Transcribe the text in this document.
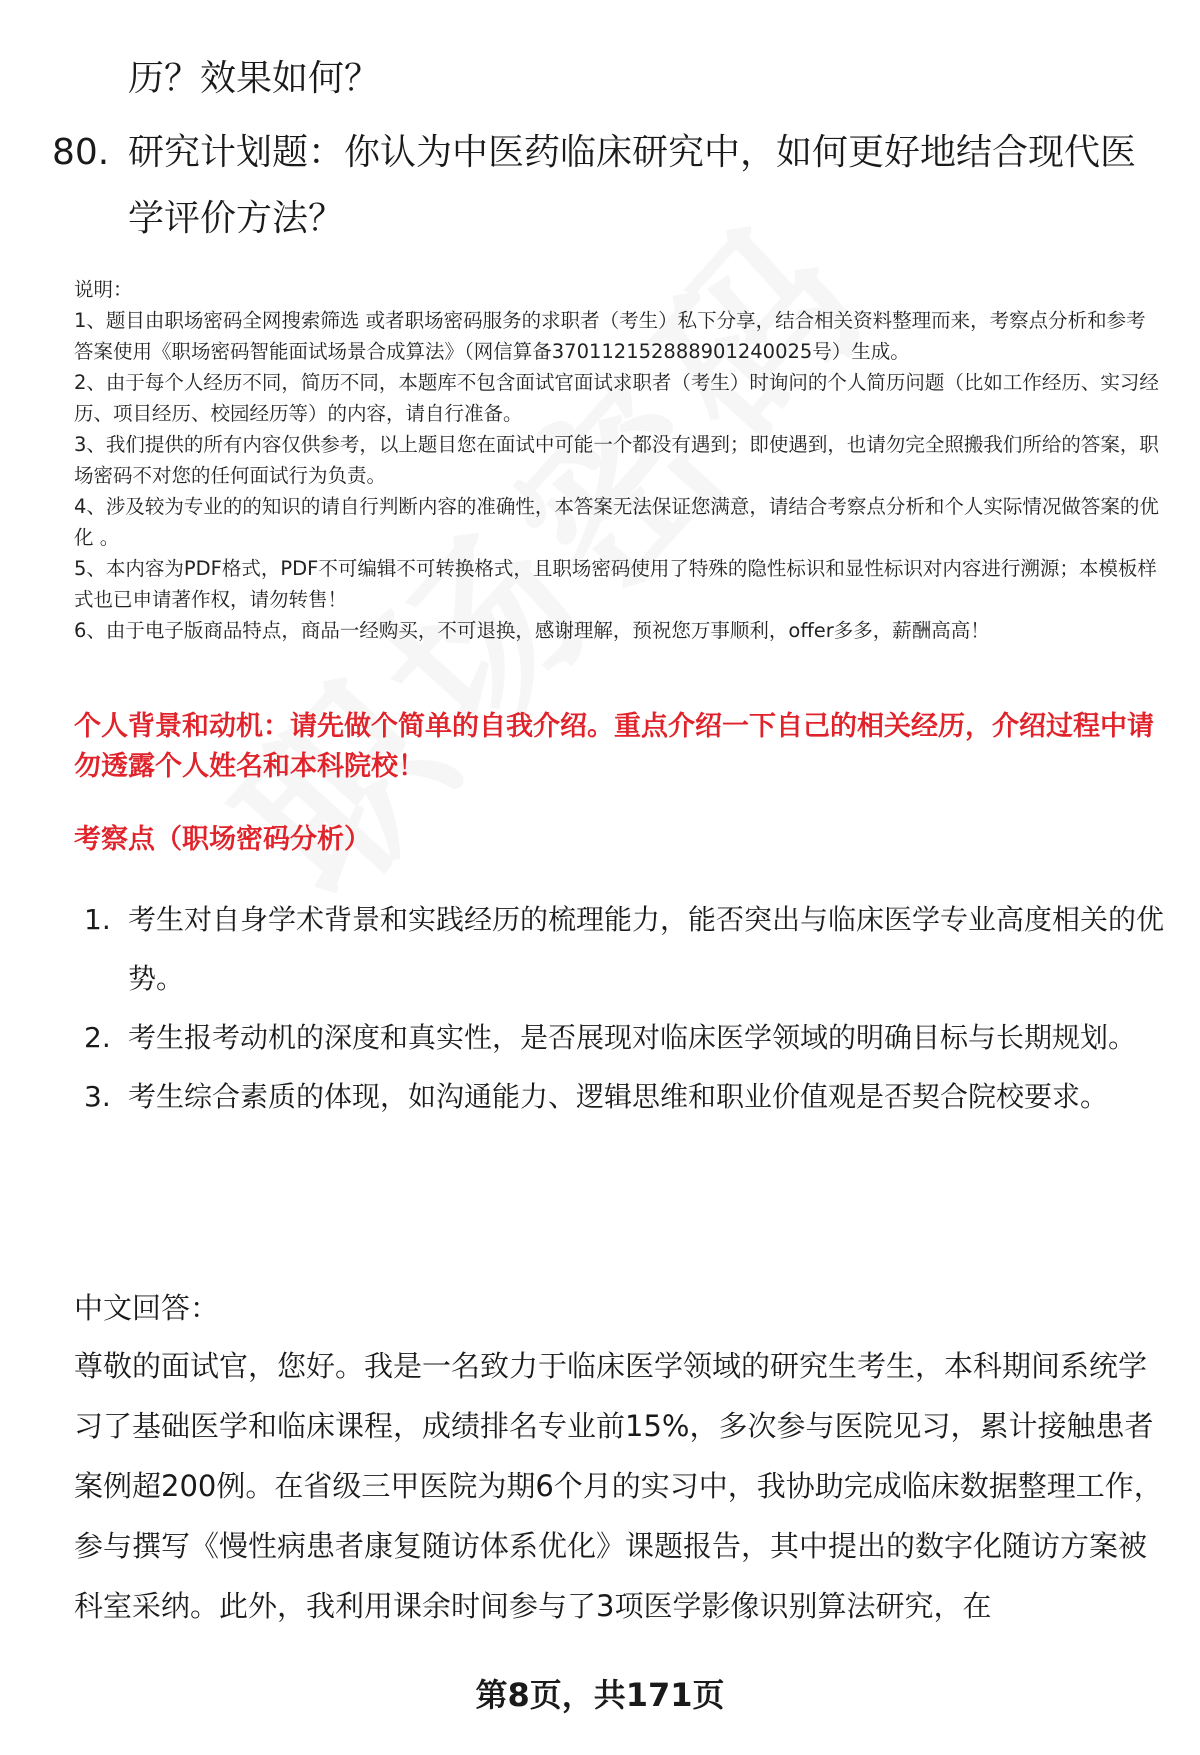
历？效果如何？
80. 研究计划题：你认为中医药临床研究中，如何更好地结合现代医学评价方法？

说明：

1、题目由职场密码全网搜索筛选 或者职场密码服务的求职者（考生）私下分享，结合相关资料整理而来，考察点分析和参考答案使用《职场密码智能面试场景合成算法》（网信算备370112152888901240025号）生成。

2、由于每个人经历不同，简历不同，本题库不包含面试官面试求职者（考生）时询问的个人简历问题（比如工作经历、实习经历、项目经历、校园经历等）的内容，请自行准备。

3、我们提供的所有内容仅供参考，以上题目您在面试中可能一个都没有遇到；即使遇到，也请勿完全照搬我们所给的答案，职场密码不对您的任何面试行为负责。

4、涉及较为专业的的知识的请自行判断内容的准确性，本答案无法保证您满意，请结合考察点分析和个人实际情况做答案的优化 。

5、本内容为PDF格式，PDF不可编辑不可转换格式，且职场密码使用了特殊的隐性标识和显性标识对内容进行溯源；本模板样式也已申请著作权，请勿转售！

6、由于电子版商品特点，商品一经购买，不可退换，感谢理解，预祝您万事顺利，offer多多，薪酬高高！

个人背景和动机：请先做个简单的自我介绍。重点介绍一下自己的相关经历，介绍过程中请勿透露个人姓名和本科院校！
考察点（职场密码分析）
1. 考生对自身学术背景和实践经历的梳理能力，能否突出与临床医学专业高度相关的优势。
2. 考生报考动机的深度和真实性，是否展现对临床医学领域的明确目标与长期规划。
3. 考生综合素质的体现，如沟通能力、逻辑思维和职业价值观是否契合院校要求。
中文回答：
尊敬的面试官，您好。我是一名致力于临床医学领域的研究生考生，本科期间系统学习了基础医学和临床课程，成绩排名专业前15%，多次参与医院见习，累计接触患者案例超200例。在省级三甲医院为期6个月的实习中，我协助完成临床数据整理工作，参与撰写《慢性病患者康复随访体系优化》课题报告，其中提出的数字化随访方案被科室采纳。此外，我利用课余时间参与了3项医学影像识别算法研究，在
第8页，共171页
